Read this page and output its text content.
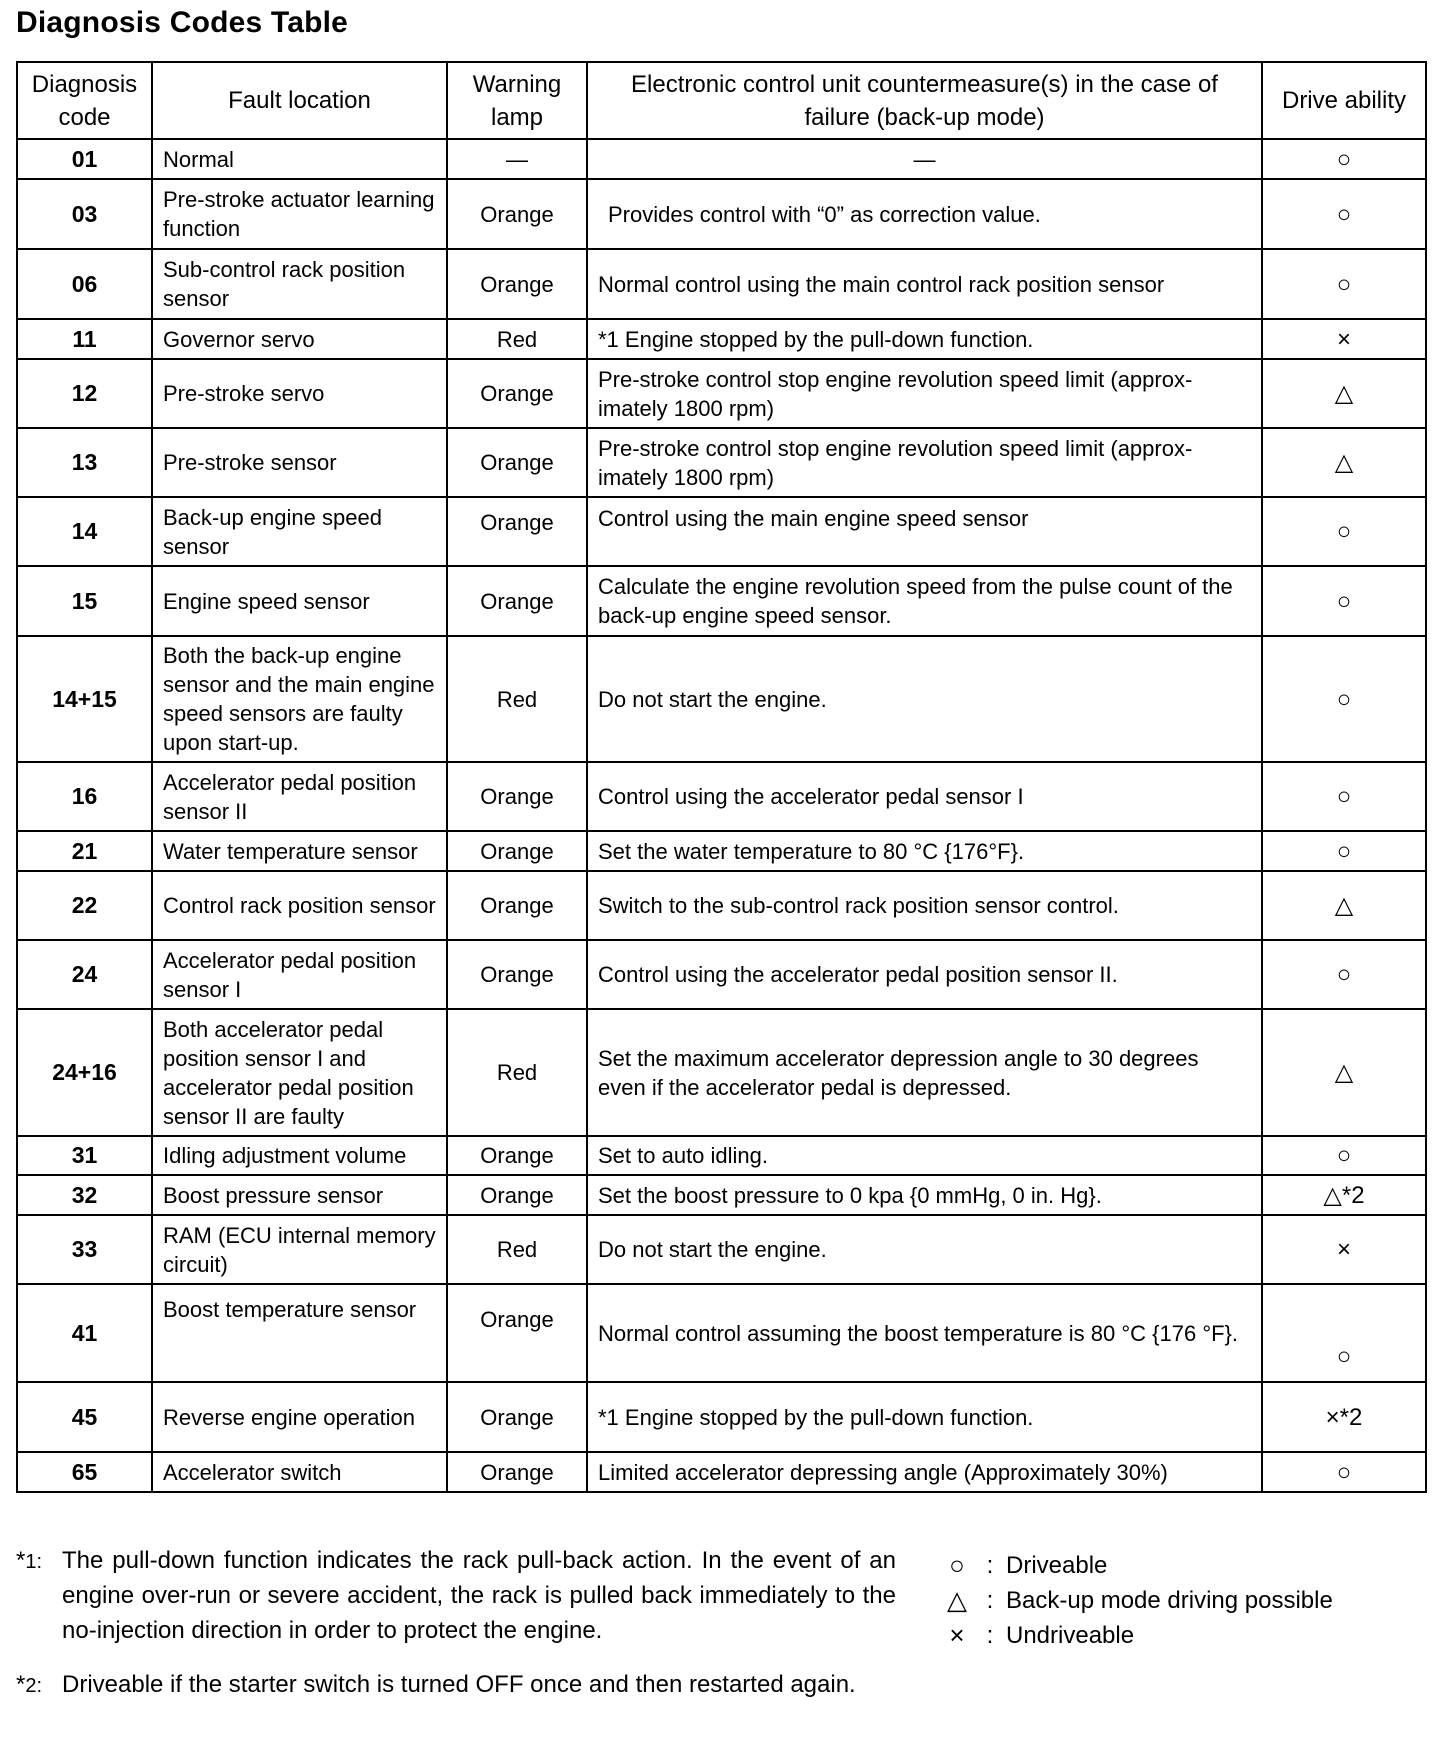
Diagnosis Codes Table
Diagnosis code	Fault location	Warning lamp	Electronic control unit countermeasure(s) in the case of failure (back-up mode)	Drive ability
01	Normal	—	—	○
03	Pre-stroke actuator learning function	Orange	Provides control with “0” as correction value.	○
06	Sub-control rack position sensor	Orange	Normal control using the main control rack position sensor	○
11	Governor servo	Red	*1 Engine stopped by the pull-down function.	×
12	Pre-stroke servo	Orange	Pre-stroke control stop engine revolution speed limit (approx-imately 1800 rpm)	△
13	Pre-stroke sensor	Orange	Pre-stroke control stop engine revolution speed limit (approx-imately 1800 rpm)	△
14	Back-up engine speed sensor	Orange	Control using the main engine speed sensor	○
15	Engine speed sensor	Orange	Calculate the engine revolution speed from the pulse count of the back-up engine speed sensor.	○
14+15	Both the back-up engine sensor and the main engine speed sensors are faulty upon start-up.	Red	Do not start the engine.	○
16	Accelerator pedal position sensor II	Orange	Control using the accelerator pedal sensor I	○
21	Water temperature sensor	Orange	Set the water temperature to 80 °C {176°F}.	○
22	Control rack position sensor	Orange	Switch to the sub-control rack position sensor control.	△
24	Accelerator pedal position sensor I	Orange	Control using the accelerator pedal position sensor II.	○
24+16	Both accelerator pedal position sensor I and accelerator pedal position sensor II are faulty	Red	Set the maximum accelerator depression angle to 30 degrees even if the accelerator pedal is depressed.	△
31	Idling adjustment volume	Orange	Set to auto idling.	○
32	Boost pressure sensor	Orange	Set the boost pressure to 0 kpa {0 mmHg, 0 in. Hg}.	△*2
33	RAM (ECU internal memory circuit)	Red	Do not start the engine.	×
41	Boost temperature sensor	Orange	Normal control assuming the boost temperature is 80 °C {176 °F}.	○
45	Reverse engine operation	Orange	*1 Engine stopped by the pull-down function.	×*2
65	Accelerator switch	Orange	Limited accelerator depressing angle (Approximately 30%)	○
*1: The pull-down function indicates the rack pull-back action. In the event of an engine over-run or severe accident, the rack is pulled back immediately to the no-injection direction in order to protect the engine.
*2: Driveable if the starter switch is turned OFF once and then restarted again.
○ : Driveable
△ : Back-up mode driving possible
× : Undriveable
